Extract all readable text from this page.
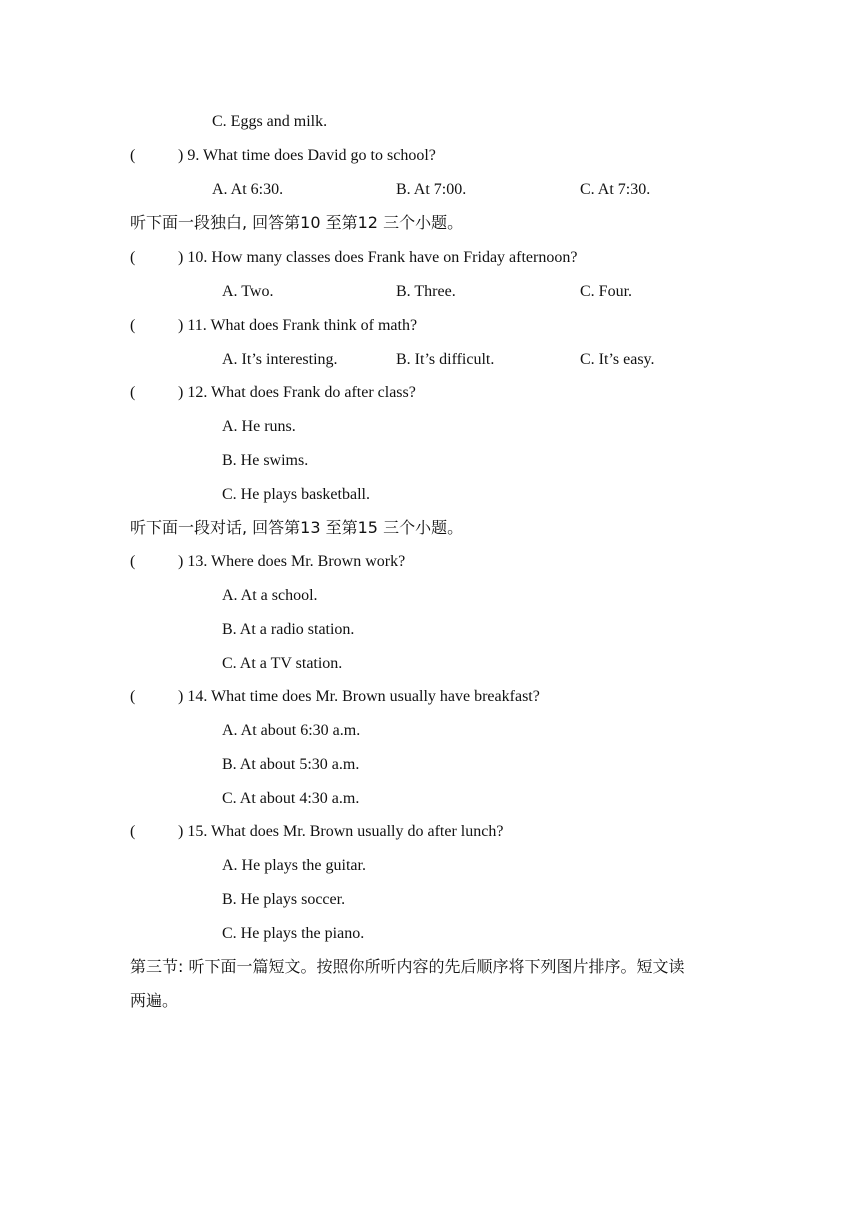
C. Eggs and milk.
(	) 9. What time does David go to school?
A. At 6:30.	B. At 7:00.	C. At 7:30.
听下面一段独白, 回答第10 至第12 三个小题。
(	) 10. How many classes does Frank have on Friday afternoon?
A. Two.	B. Three.	C. Four.
(	) 11. What does Frank think of math?
A. It’s interesting.	B. It’s difficult.	C. It’s easy.
(	) 12. What does Frank do after class?
A. He runs.
B. He swims.
C. He plays basketball.
听下面一段对话, 回答第13 至第15 三个小题。
(	) 13. Where does Mr. Brown work?
A. At a school.
B. At a radio station.
C. At a TV station.
(	) 14. What time does Mr. Brown usually have breakfast?
A. At about 6:30 a.m.
B. At about 5:30 a.m.
C. At about 4:30 a.m.
(	) 15. What does Mr. Brown usually do after lunch?
A. He plays the guitar.
B. He plays soccer.
C. He plays the piano.
第三节: 听下面一篇短文。按照你所听内容的先后顺序将下列图片排序。短文读
两遍。
